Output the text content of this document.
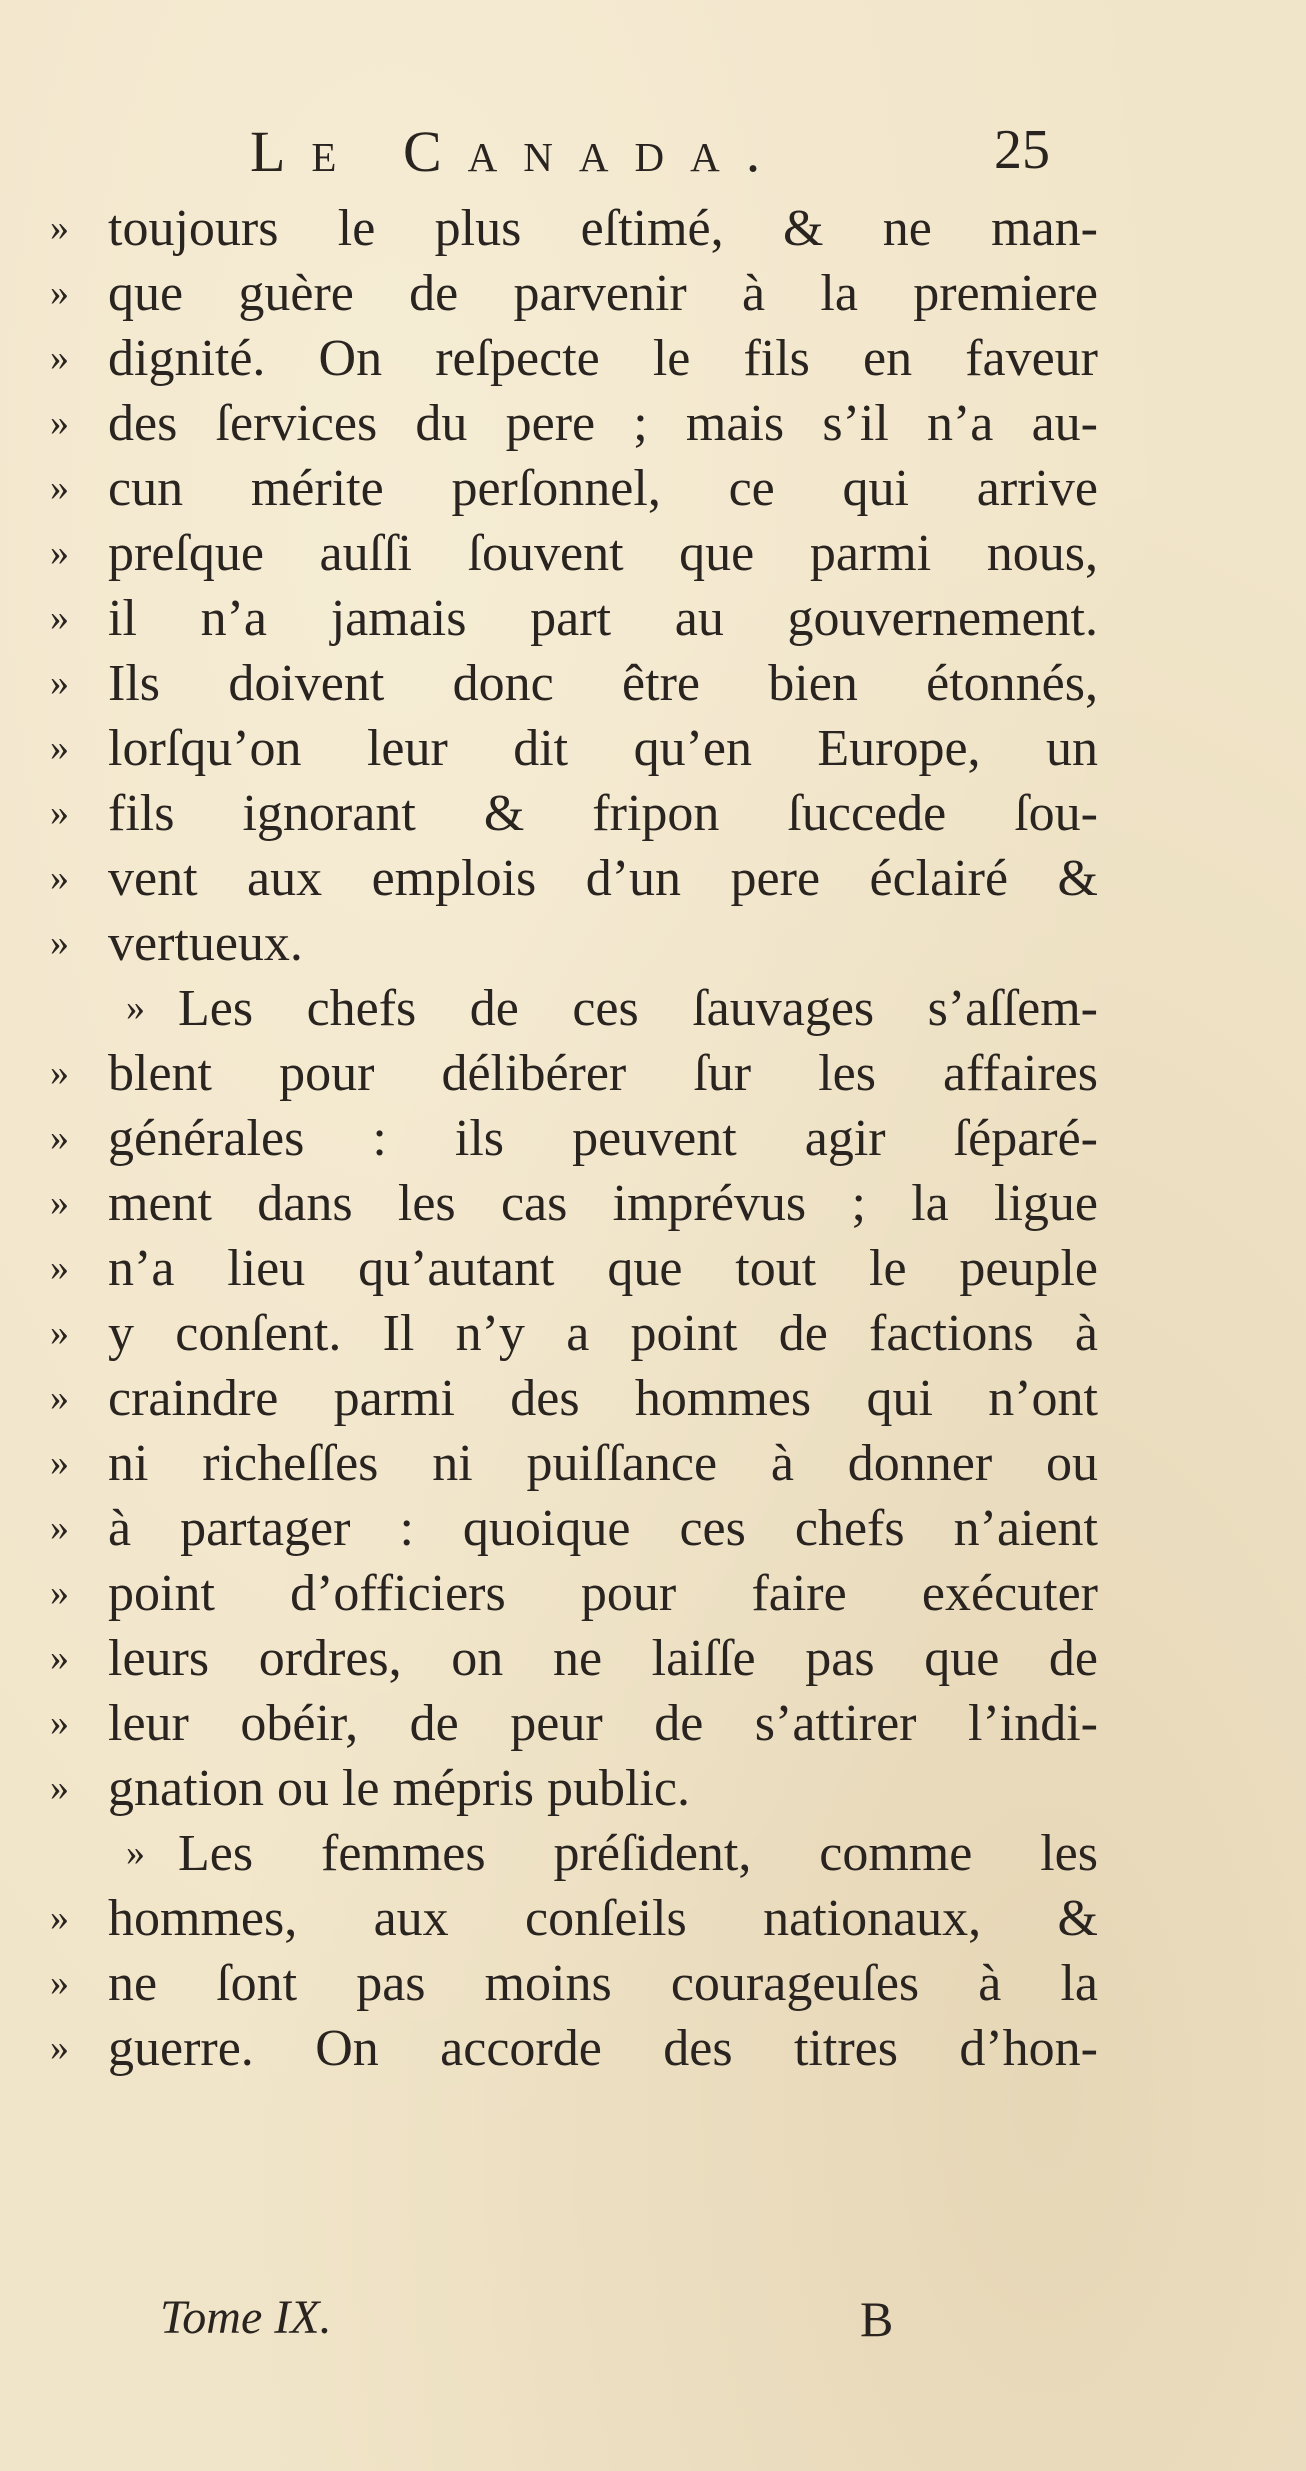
Le Canada.	25
» toujours le plus eſtimé, & ne man-
» que guère de parvenir à la premiere
» dignité. On reſpecte le fils en faveur
» des ſervices du pere ; mais s’il n’a au-
» cun mérite perſonnel, ce qui arrive
» preſque auſſi ſouvent que parmi nous,
» il n’a jamais part au gouvernement.
» Ils doivent donc être bien étonnés,
» lorſqu’on leur dit qu’en Europe, un
» fils ignorant & fripon ſuccede ſou-
» vent aux emplois d’un pere éclairé &
» vertueux.
» Les chefs de ces ſauvages s’aſſem-
» blent pour délibérer ſur les affaires
» générales : ils peuvent agir ſéparé-
» ment dans les cas imprévus ; la ligue
» n’a lieu qu’autant que tout le peuple
» y conſent. Il n’y a point de factions à
» craindre parmi des hommes qui n’ont
» ni richeſſes ni puiſſance à donner ou
» à partager : quoique ces chefs n’aient
» point d’officiers pour faire exécuter
» leurs ordres, on ne laiſſe pas que de
» leur obéir, de peur de s’attirer l’indi-
» gnation ou le mépris public.
» Les femmes préſident, comme les
» hommes, aux conſeils nationaux, &
» ne ſont pas moins courageuſes à la
» guerre. On accorde des titres d’hon-
Tome IX.	B
